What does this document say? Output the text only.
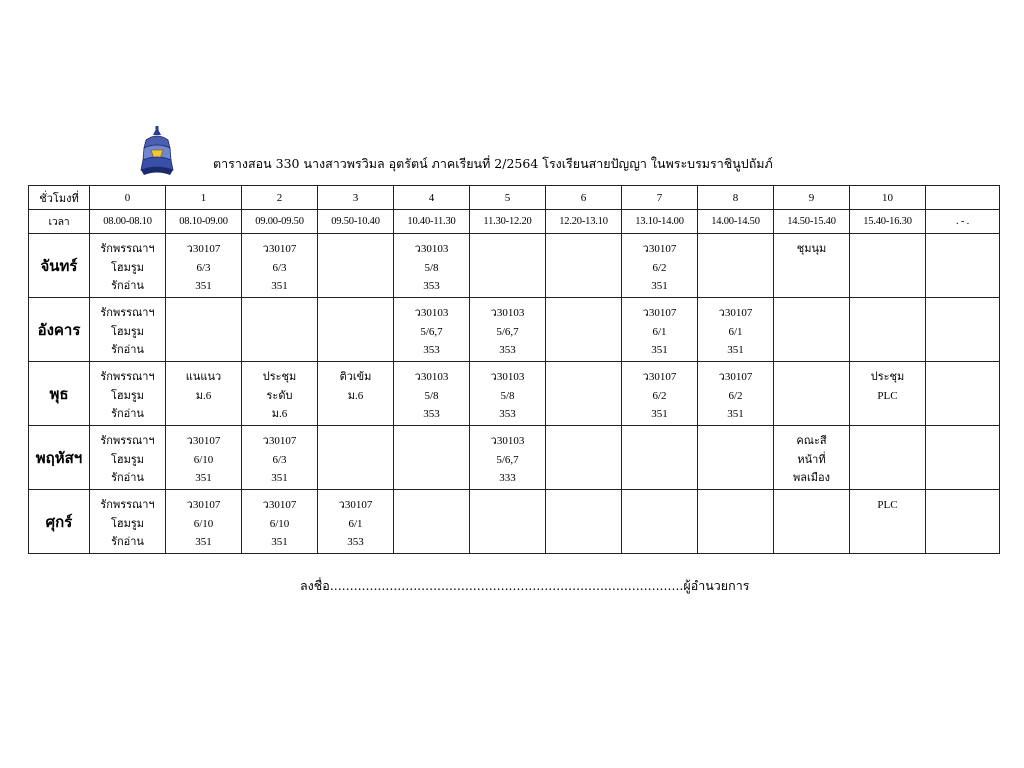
ตารางสอน 330 นางสาวพรวิมล อุตรัตน์ ภาคเรียนที่ 2/2564 โรงเรียนสายปัญญา ในพระบรมราชินูปถัมภ์
ชั่วโมงที่	0	1	2	3	4	5	6	7	8	9	10	
เวลา	08.00-08.10	08.10-09.00	09.00-09.50	09.50-10.40	10.40-11.30	11.30-12.20	12.20-13.10	13.10-14.00	14.00-14.50	14.50-15.40	15.40-16.30	. - .
จันทร์	รักพรรณาฯ
โฮมรูม
รักอ่าน	ว30107
6/3
351	ว30107
6/3
351		ว30103
5/8
353			ว30107
6/2
351		ชุมนุม		

อังคาร	รักพรรณาฯ
โฮมรูม
รักอ่าน				ว30103
5/6,7
353	ว30103
5/6,7
353		ว30107
6/1
351	ว30107
6/1
351			

พุธ	รักพรรณาฯ
โฮมรูม
รักอ่าน	แนแนว
ม.6	ประชุม
ระดับ
ม.6	ติวเข้ม
ม.6	ว30103
5/8
353	ว30103
5/8
353		ว30107
6/2
351	ว30107
6/2
351		ประชุม
PLC	

พฤหัสฯ	รักพรรณาฯ
โฮมรูม
รักอ่าน	ว30107
6/10
351	ว30107
6/3
351			ว30103
5/6,7
333				คณะสี
หน้าที่
พลเมือง		

ศุกร์	รักพรรณาฯ
โฮมรูม
รักอ่าน	ว30107
6/10
351	ว30107
6/10
351	ว30107
6/1
353							PLC	

ลงชื่อ.........................................................................................ผู้อำนวยการ
